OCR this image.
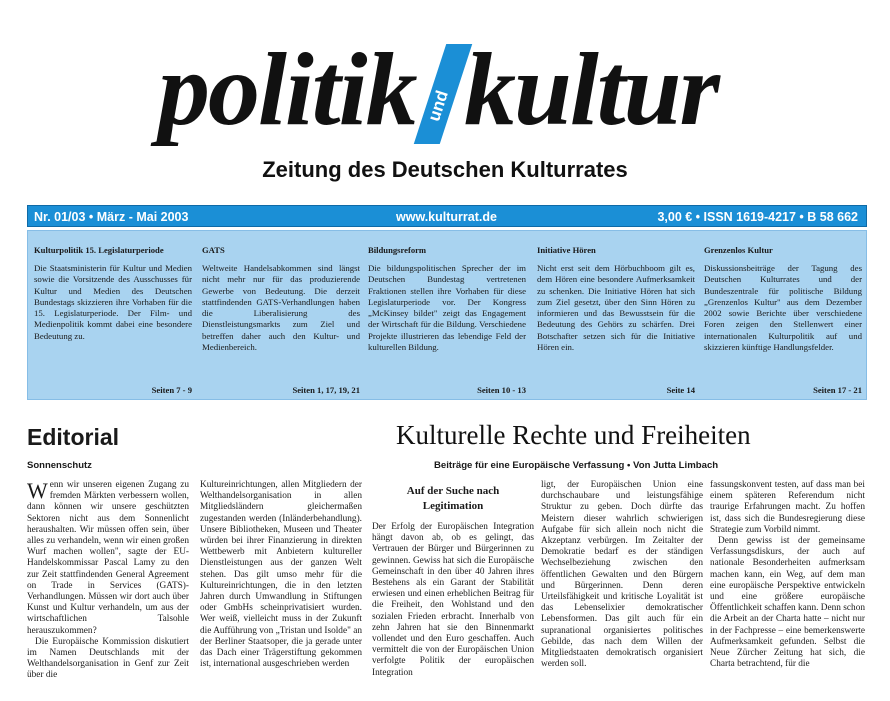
politik und kultur
Zeitung des Deutschen Kulturrates
Nr. 01/03 • März - Mai 2003	www.kulturrat.de	3,00 € • ISSN 1619-4217 • B 58 662

Kulturpolitik 15. Legislaturperiode

Die Staatsministerin für Kultur und Medien sowie die Vorsitzende des Ausschusses für Kultur und Medien des Deutschen Bundestags skizzieren ihre Vorhaben für die 15. Legislaturperiode. Der Film- und Medienpolitik kommt dabei eine besondere Bedeutung zu.

Seiten 7 - 9

GATS

Weltweite Handelsabkommen sind längst nicht mehr nur für das produzierende Gewerbe von Bedeutung. Die derzeit stattfindenden GATS-Verhandlungen haben die Liberalisierung des Dienstleistungsmarkts zum Ziel und betreffen daher auch den Kultur- und Medienbereich.

Seiten 1, 17, 19, 21

Bildungsreform

Die bildungspolitischen Sprecher der im Deutschen Bundestag vertretenen Fraktionen stellen ihre Vorhaben für diese Legislaturperiode vor. Der Kongress „McKinsey bildet" zeigt das Engagement der Wirtschaft für die Bildung. Verschiedene Projekte illustrieren das lebendige Feld der kulturellen Bildung.

Seiten 10 - 13

Initiative Hören

Nicht erst seit dem Hörbuchboom gilt es, dem Hören eine besondere Aufmerksamkeit zu schenken. Die Initiative Hören hat sich zum Ziel gesetzt, über den Sinn Hören zu informieren und das Bewusstsein für die Bedeutung des Gehörs zu schärfen. Drei Botschafter setzen sich für die Initiative Hören ein.

Seite 14

Grenzenlos Kultur

Diskussionsbeiträge der Tagung des Deutschen Kulturrates und der Bundeszentrale für politische Bildung „Grenzenlos Kultur" aus dem Dezember 2002 sowie Berichte über verschiedene Foren zeigen den Stellenwert einer internationalen Kulturpolitik auf und skizzieren künftige Handlungsfelder.

Seiten 17 - 21
Editorial
Sonnenschutz

Wenn wir unseren eigenen Zugang zu fremden Märkten verbessern wollen, dann können wir unsere geschützten Sektoren nicht aus dem Sonnenlicht heraushalten. Wir müssen offen sein, über alles zu verhandeln, wenn wir einen großen Wurf machen wollen", sagte der EU-Handelskommissar Pascal Lamy zu den zur Zeit stattfindenden General Agreement on Trade in Services (GATS)-Verhandlungen. Müssen wir dort auch über Kunst und Kultur verhandeln, um aus der wirtschaftlichen Talsohle herauszukommen?

Die Europäische Kommission diskutiert im Namen Deutschlands mit der Welthandelsorganisation in Genf zur Zeit über die

Kultureinrichtungen, allen Mitgliedern der Welthandelsorganisation in allen Mitgliedsländern gleichermaßen zugestanden werden (Inländerbehandlung). Unsere Bibliotheken, Museen und Theater würden bei ihrer Finanzierung in direkten Wettbewerb mit Anbietern kultureller Dienstleistungen aus der ganzen Welt stehen. Das gilt umso mehr für die Kultureinrichtungen, die in den letzten Jahren durch Umwandlung in Stiftungen oder GmbHs scheinprivatisiert wurden. Wer weiß, vielleicht muss in der Zukunft die Aufführung von „Tristan und Isolde" an der Berliner Staatsoper, die ja gerade unter das Dach einer Trägerstiftung gekommen ist, international ausgeschrieben werden

Kulturelle Rechte und Freiheiten
Beiträge für eine Europäische Verfassung • Von Jutta Limbach
Auf der Suche nach Legitimation

Der Erfolg der Europäischen Integration hängt davon ab, ob es gelingt, das Vertrauen der Bürger und Bürgerinnen zu gewinnen. Gewiss hat sich die Europäische Gemeinschaft in den über 40 Jahren ihres Bestehens als ein Garant der Stabilität erwiesen und einen erheblichen Beitrag für die Freiheit, den Wohlstand und den sozialen Frieden erbracht. Innerhalb von zehn Jahren hat sie den Binnenmarkt vollendet und den Euro geschaffen. Auch vermittelt die von der Europäischen Union verfolgte Politik der europäischen Integration

ligt, der Europäischen Union eine durchschaubare und leistungsfähige Struktur zu geben. Doch dürfte das Meistern dieser wahrlich schwierigen Aufgabe für sich allein noch nicht die Akzeptanz verbürgen. Im Zeitalter der Demokratie bedarf es der ständigen Wechselbeziehung zwischen den öffentlichen Gewalten und den Bürgern und Bürgerinnen. Denn deren Urteilsfähigkeit und kritische Loyalität ist das Lebenselixier demokratischer Lebensformen. Das gilt auch für ein supranational organisiertes politisches Gebilde, das nach dem Willen der Mitgliedstaaten demokratisch organisiert werden soll.

fassungskonvent testen, auf dass man bei einem späteren Referendum nicht traurige Erfahrungen macht. Zu hoffen ist, dass sich die Bundesregierung diese Strategie zum Vorbild nimmt.

Denn gewiss ist der gemeinsame Verfassungsdiskurs, der auch auf nationale Besonderheiten aufmerksam machen kann, ein Weg, auf dem man eine europäische Perspektive entwickeln und eine größere europäische Öffentlichkeit schaffen kann. Denn schon die Arbeit an der Charta hatte – nicht nur in der Fachpresse – eine bemerkenswerte Aufmerksamkeit gefunden. Selbst die Neue Zürcher Zeitung hat sich, die Charta betrachtend, für die
